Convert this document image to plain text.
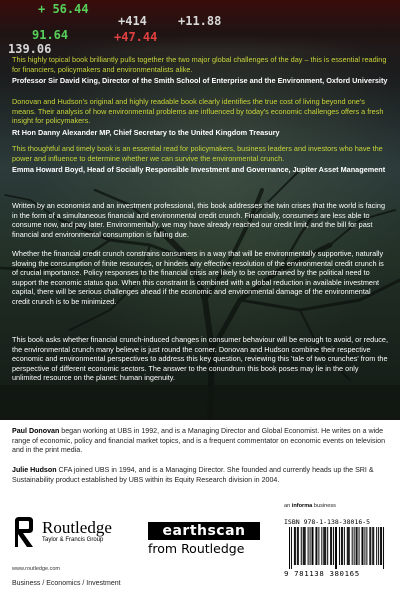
+ 56.44
+414	+11.88
91.64	+47.44
139.06
This highly topical book brilliantly pulls together the two major global challenges of the day – this is essential reading for financiers, policymakers and environmentalists alike.
Professor Sir David King, Director of the Smith School of Enterprise and the Environment, Oxford University
Donovan and Hudson's original and highly readable book clearly identifies the true cost of living beyond one's means. Their analysis of how environmental problems are influenced by today's economic challenges offers a fresh insight for policymakers.
Rt Hon Danny Alexander MP, Chief Secretary to the United Kingdom Treasury
This thoughtful and timely book is an essential read for policymakers, business leaders and investors who have the power and influence to determine whether we can survive the environmental crunch.
Emma Howard Boyd, Head of Socially Responsible Investment and Governance, Jupiter Asset Management

Written by an economist and an investment professional, this book addresses the twin crises that the world is facing in the form of a simultaneous financial and environmental credit crunch. Financially, consumers are less able to consume now, and pay later. Environmentally, we may have already reached our credit limit, and the bill for past financial and environmental consumption is falling due.

Whether the financial credit crunch constrains consumers in a way that will be environmentally supportive, naturally slowing the consumption of finite resources, or hinders any effective resolution of the environmental credit crunch is of crucial importance. Policy responses to the financial crisis are likely to be constrained by the political need to support the economic status quo. When this constraint is combined with a global reduction in available investment capital, there will be serious challenges ahead if the economic and environmental damage of the environmental credit crunch is to be minimized.

This book asks whether financial crunch-induced changes in consumer behaviour will be enough to avoid, or reduce, the environmental crunch many believe is just round the corner. Donovan and Hudson combine their respective economic and environmental perspectives to address this key question, reviewing this 'tale of two crunches' from the perspective of different economic sectors. The answer to the conundrum this book poses may lie in the only unlimited resource on the planet: human ingenuity.

Paul Donovan began working at UBS in 1992, and is a Managing Director and Global Economist. He writes on a wide range of economic, policy and financial market topics, and is a frequent commentator on economic events on television and in the print media.

Julie Hudson CFA joined UBS in 1994, and is a Managing Director. She founded and currently heads up the SRI & Sustainability product established by UBS within its Equity Research division in 2004.

Routledge
Taylor & Francis Group
www.routledge.com
Business / Economics / Investment
earthscan
from Routledge
an informa business
ISBN 978-1-138-38016-5
9 781138 380165
